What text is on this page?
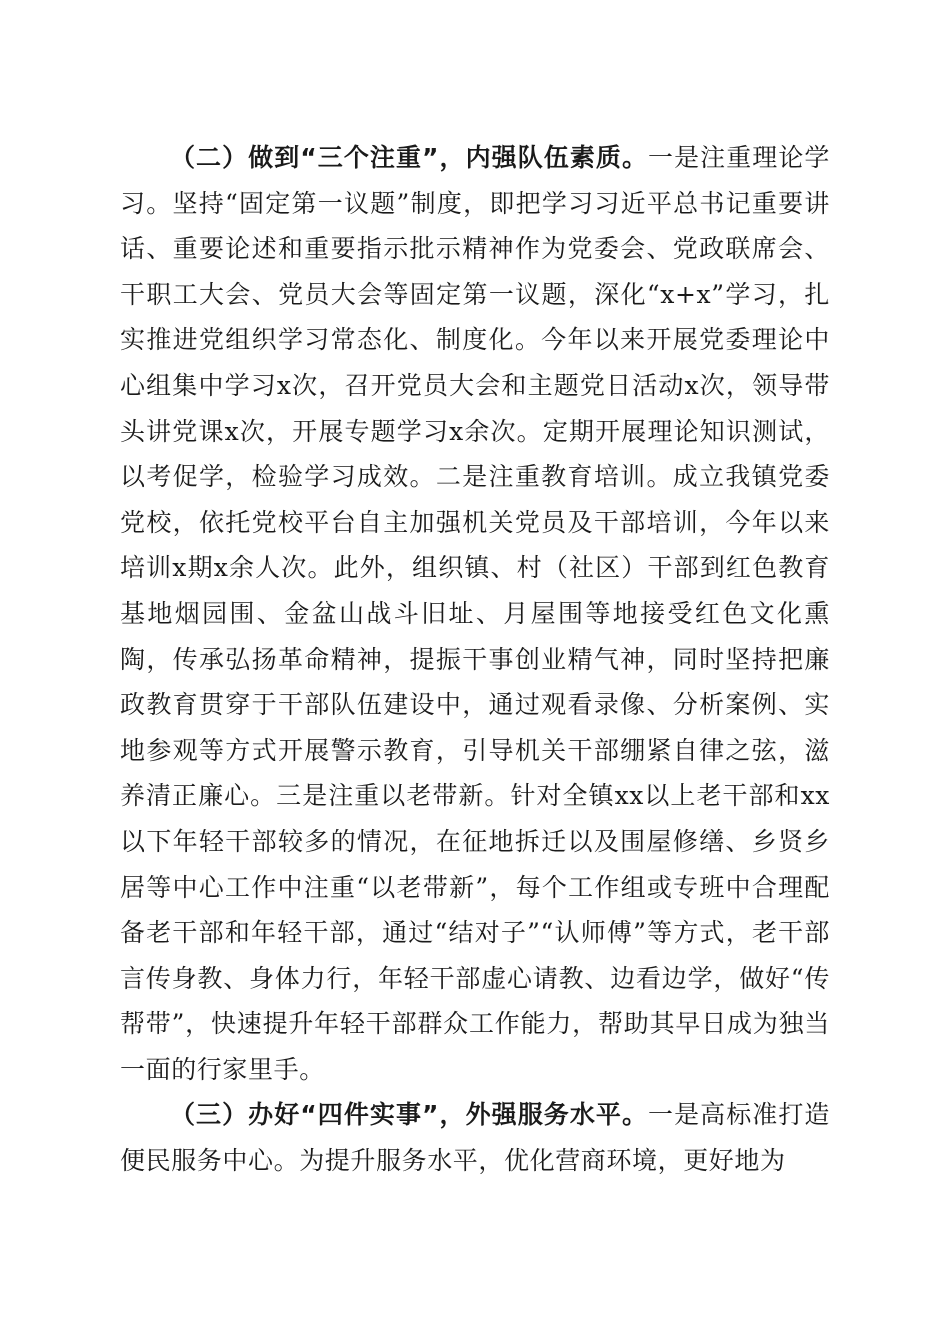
（二）做到“三个注重”，内强队伍素质。一是注重理论学习。坚持“固定第一议题”制度，即把学习习近平总书记重要讲话、重要论述和重要指示批示精神作为党委会、党政联席会、干职工大会、党员大会等固定第一议题，深化“x+x”学习，扎实推进党组织学习常态化、制度化。今年以来开展党委理论中心组集中学习x次，召开党员大会和主题党日活动x次，领导带头讲党课x次，开展专题学习x余次。定期开展理论知识测试，以考促学，检验学习成效。二是注重教育培训。成立我镇党委党校，依托党校平台自主加强机关党员及干部培训，今年以来培训x期x余人次。此外，组织镇、村（社区）干部到红色教育基地烟园围、金盆山战斗旧址、月屋围等地接受红色文化熏陶，传承弘扬革命精神，提振干事创业精气神，同时坚持把廉政教育贯穿于干部队伍建设中，通过观看录像、分析案例、实地参观等方式开展警示教育，引导机关干部绷紧自律之弦，滋养清正廉心。三是注重以老带新。针对全镇xx以上老干部和xx以下年轻干部较多的情况，在征地拆迁以及围屋修缮、乡贤乡居等中心工作中注重“以老带新”，每个工作组或专班中合理配备老干部和年轻干部，通过“结对子”“认师傅”等方式，老干部言传身教、身体力行，年轻干部虚心请教、边看边学，做好“传帮带”，快速提升年轻干部群众工作能力，帮助其早日成为独当一面的行家里手。

（三）办好“四件实事”，外强服务水平。一是高标准打造便民服务中心。为提升服务水平，优化营商环境，更好地为
